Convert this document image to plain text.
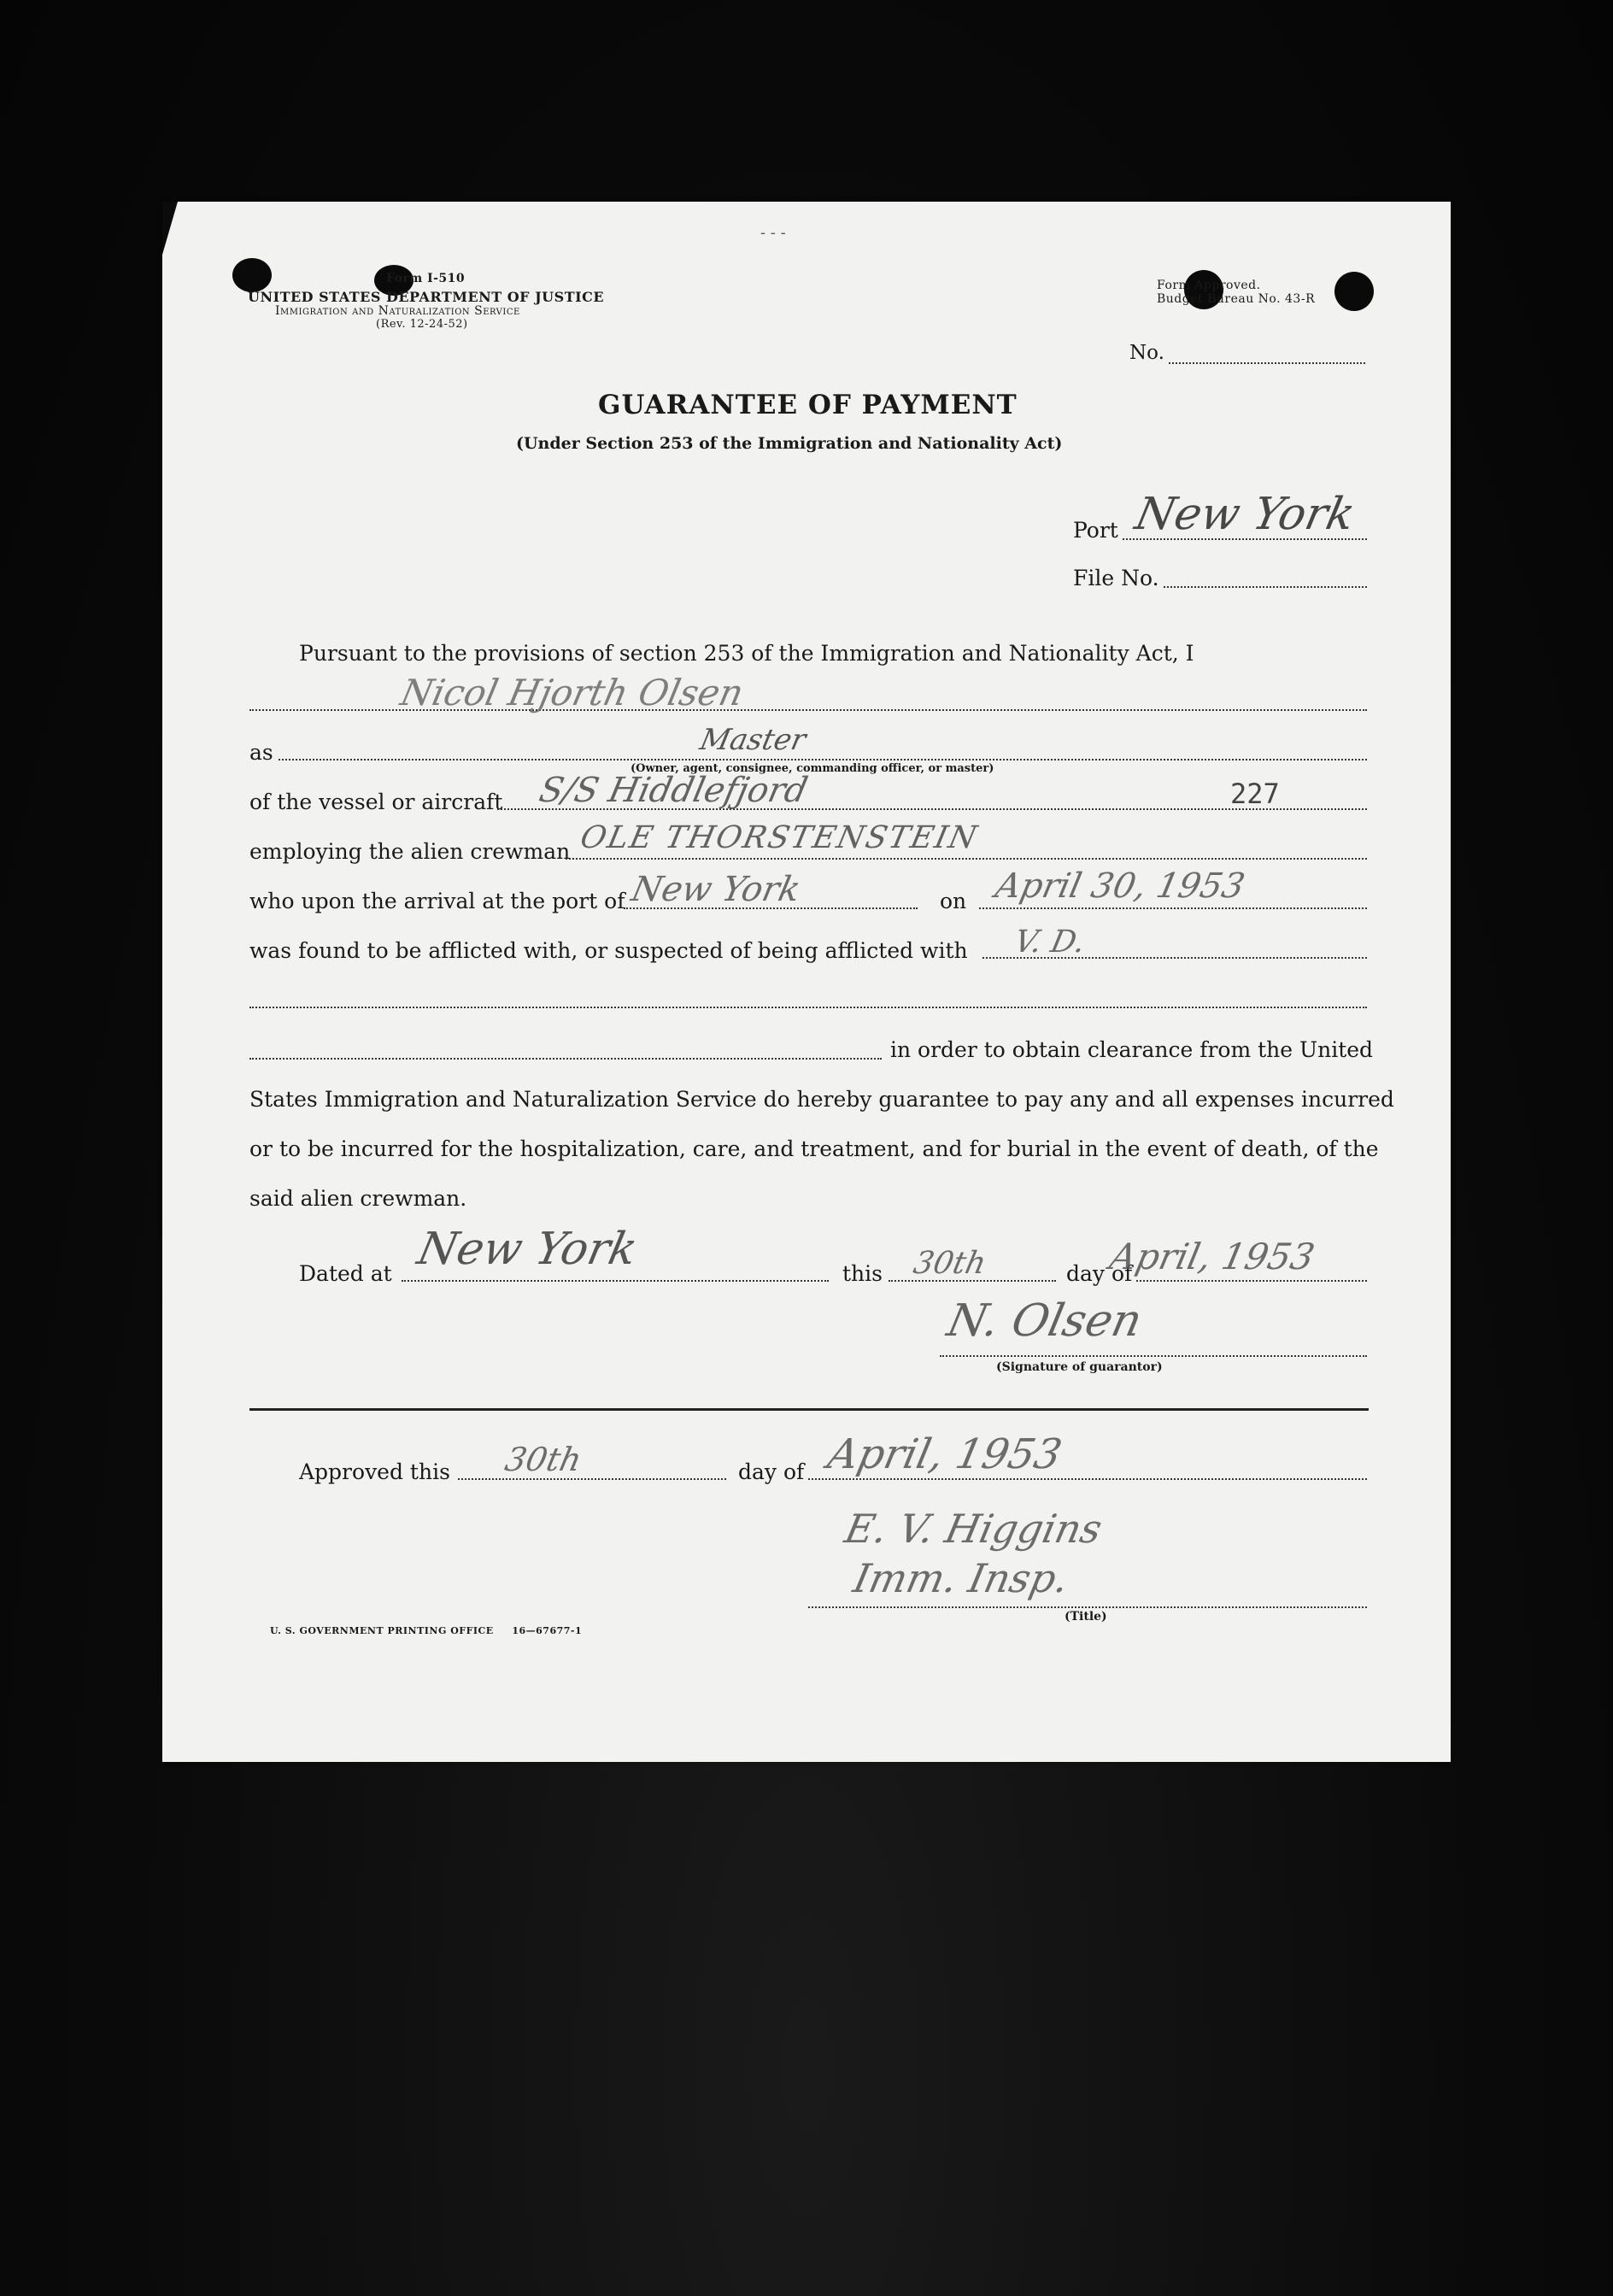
- - -
Form I-510
UNITED STATES DEPARTMENT OF JUSTICE
Immigration and Naturalization Service
(Rev. 12-24-52)
Form Approved.
Budget Bureau No. 43-R
No.
GUARANTEE OF PAYMENT
(Under Section 253 of the Immigration and Nationality Act)
Port New York
File No.
Pursuant to the provisions of section 253 of the Immigration and Nationality Act, I
Nicol Hjorth Olsen
as	Master
(Owner, agent, consignee, commanding officer, or master)
of the vessel or aircraft S/S Hiddlefjord	227
employing the alien crewman OLE THORSTENSTEIN
who upon the arrival at the port of New York	on April 30, 1953
was found to be afflicted with, or suspected of being afflicted with V. D.
in order to obtain clearance from the United
States Immigration and Naturalization Service do hereby guarantee to pay any and all expenses incurred
or to be incurred for the hospitalization, care, and treatment, and for burial in the event of death, of the
said alien crewman.
Dated at New York	this 30th	day of
April, 1953
N. Olsen
(Signature of guarantor)
Approved this 30th	day of April, 1953
E. V. Higgins
Imm. Insp.
(Title)
U. S. GOVERNMENT PRINTING OFFICE     16—67677-1
